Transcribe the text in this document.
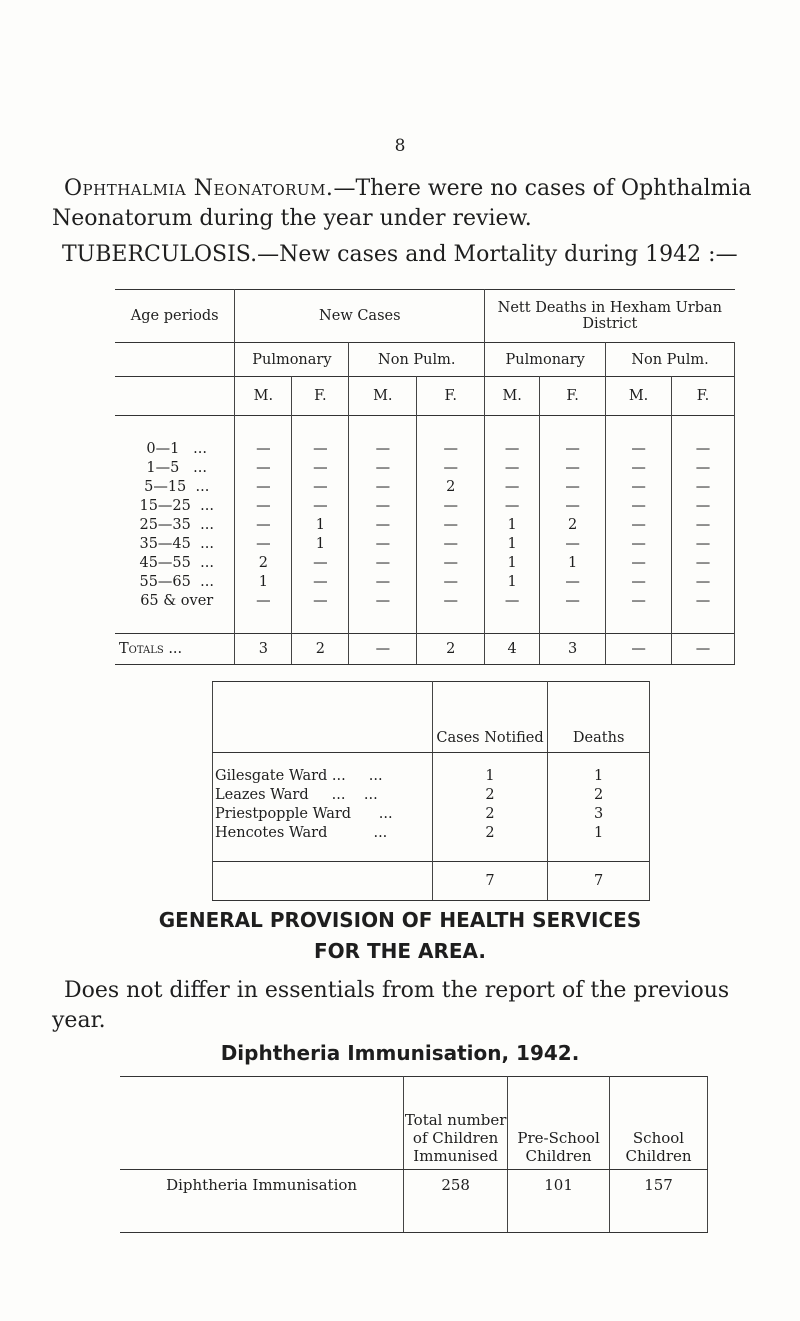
8
Ophthalmia Neonatorum.—There were no cases of Ophthalmia Neonatorum during the year under review.
TUBERCULOSIS.—New cases and Mortality during 1942 :—
Age periods	New Cases				Nett Deaths in Hexham Urban District			
	Pulmonary		Non Pulm.		Pulmonary		Non Pulm.	
	M.	F.	M.	F.	M.	F.	M.	F.
0—1   ...	—	—	—	—	—	—	—	—
1—5   ...	—	—	—	—	—	—	—	—
5—15  ...	—	—	—	2	—	—	—	—
15—25  ...	—	—	—	—	—	—	—	—
25—35  ...	—	1	—	—	1	2	—	—
35—45  ...	—	1	—	—	1	—	—	—
45—55  ...	2	—	—	—	1	1	—	—
55—65  ...	1	—	—	—	1	—	—	—
65 & over	—	—	—	—	—	—	—	—
Totals ...	3	2	—	2	4	3	—	—
	Cases Notified	Deaths
Gilesgate Ward ...     ...	1	1
Leazes Ward     ...    ...	2	2
Priestpopple Ward      ...	2	3
Hencotes Ward          ...	2	1
	7	7
GENERAL PROVISION OF HEALTH SERVICES
FOR THE AREA.
Does not differ in essentials from the report of the previous year.
Diphtheria Immunisation, 1942.
	Total number of Children Immunised	Pre-School Children	School Children
Diphtheria Immunisation	258	101	157
